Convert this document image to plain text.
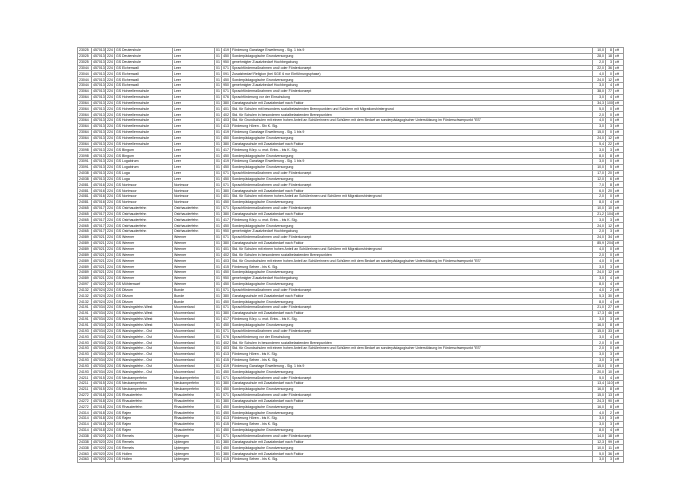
23025	457013	224	GS Deutershule	Leer	01	419	Förderung Ganztage Erweiterung - Sig. 1 bis 9	10,0	8	cH
23025	457013	224	GS Deutershule	Leer	01	450	Sonderpädagogische Grundversorgung	28,0	18	cH
23025	457013	224	GS Deutershule	Leer	01	950	genehmigter Zusatzbedarf Hochbegabung	2,0	3	cH
23044	457013	224	GS Eichenwall	Leer	01	071	Sprachfördermaßnahmen und/ oder Förderkonzept	22,0	36	cH
23044	457013	224	GS Eichenwall	Leer	01	091	Zusatzbedarf Religion (bei SGE 6 nur Einführungsphase)	4,0	0	cH
23044	457013	224	GS Eichenwall	Leer	01	450	Sonderpädagogische Grundversorgung	24,0	12	cH
23044	457013	224	GS Eichenwall	Leer	01	950	genehmigter Zusatzbedarf Hochbegabung	3,0	4	cH
23064	457013	224	GS Hoheellernschule	Leer	01	071	Sprachfördermaßnahmen und/ oder Förderkonzept	38,0	77	cH
23064	457013	224	GS Hoheellernschule	Leer	01	076	Sprachförderung vor der Einschulung	3,0	4	cH
23064	457013	224	GS Hoheellernschule	Leer	01	380	Ganztagsschule mit Zusatzbedarf nach Faktor	34,3	100	cH
23064	457013	224	GS Hoheellernschule	Leer	01	401	Std. für Schulen mit besonders sozialbelastenden Brennpunkten und Schülern mit Migrationshintergrund	5,0	0	cH
23064	457013	224	GS Hoheellernschule	Leer	01	402	Std. für Schulen in besonderen sozialbelastenden Brennpunkten	2,0	0	cH
23064	457013	224	GS Hoheellernschule	Leer	01	403	Std. für Grundschulen mit einem hohen Anteil an Schülerinnen und Schülern mit dem Bedarf an sonderpädagogischer Unterstützung im Förderschwerpunkt "ES"	4,0	0	cH
23064	457013	224	GS Hoheellernschule	Leer	01	413	Förderung Hören - Stv K. Sig.	3,0	3	cH
23064	457013	224	GS Hoheellernschule	Leer	01	419	Förderung Ganztage Erweiterung - Sig. 1 bis 9	15,0	0	cH
23064	457013	224	GS Hoheellernschule	Leer	01	450	Sonderpädagogische Grundversorgung	24,0	12	cH
23064	457013	224	GS Hoheellernschule	Leer	01	380	Ganztagsschule mit Zusatzbedarf nach Faktor	5,4	22	cH
23098	457013	224	GS Bingum	Leer	01	417	Förderung Körp. u. mot. Entw. - bis K. Sig.	3,0	3	cH
23098	457013	224	GS Bingum	Leer	01	450	Sonderpädagogische Grundversorgung	8,0	8	cH
23091	457013	224	GS Logabirum	Leer	01	419	Förderung Ganztage Erweiterung - Sig. 1 bis 9	3,0	0	cH
23091	457013	224	GS Logabirum	Leer	01	450	Sonderpädagogische Grundversorgung	10,0	5	cH
24038	457013	224	GS Loga	Leer	01	071	Sprachfördermaßnahmen und/ oder Förderkonzept	17,0	20	cH
24038	457013	224	GS Loga	Leer	01	450	Sonderpädagogische Grundversorgung	12,0	6	cH
24081	457016	224	GS Nortmoor	Nortmoor	01	071	Sprachfördermaßnahmen und/ oder Förderkonzept	7,0	8	cH
24081	457016	224	GS Nortmoor	Nortmoor	01	380	Ganztagsschule mit Zusatzbedarf nach Faktor	6,0	20	cH
24081	457016	224	GS Nortmoor	Nortmoor	01	401	Std. für Schulen mit einem hohen Anteil an Schülerinnen und Schülern mit Migrationshintergrund	2,0	0	cH
24081	457016	224	GS Nortmoor	Nortmoor	01	450	Sonderpädagogische Grundversorgung	8,0	4	cH
24065	457017	224	GS Ostrhauderfehn	Ostrhauderfehn	01	071	Sprachfördermaßnahmen und/ oder Förderkonzept	10,0	10	cH
24065	457017	224	GS Ostrhauderfehn	Ostrhauderfehn	01	380	Ganztagsschule mit Zusatzbedarf nach Faktor	21,2	104	cH
24065	457017	224	GS Ostrhauderfehn	Ostrhauderfehn	01	417	Förderung Körp. u. mot. Entw. - bis K. Sig.	3,0	3	cH
24065	457017	224	GS Ostrhauderfehn	Ostrhauderfehn	01	450	Sonderpädagogische Grundversorgung	24,0	12	cH
24065	457017	224	GS Ostrhauderfehn	Ostrhauderfehn	01	950	genehmigter Zusatzbedarf Hochbegabung	2,0	3	cH
24089	457021	224	GS Weener	Weener	01	071	Sprachfördermaßnahmen und/ oder Förderkonzept	24,0	34	cH
24089	457021	224	GS Weener	Weener	01	380	Ganztagsschule mit Zusatzbedarf nach Faktor	85,9	204	cH
24089	457021	224	GS Weener	Weener	01	401	Std. für Schulen mit einem hohen Anteil an Schülerinnen und Schülern mit Migrationshintergrund	4,0	0	cH
24089	457021	224	GS Weener	Weener	01	402	Std. für Schulen in besonderen sozialbelastenden Brennpunkten	2,0	0	cH
24089	457021	224	GS Weener	Weener	01	403	Std. für Grundschulen mit einem hohen Anteil an Schülerinnen und Schülern mit dem Bedarf an sonderpädagogischer Unterstützung im Förderschwerpunkt "ES"	4,0	0	cH
24089	457021	224	GS Weener	Weener	01	415	Förderung Sehen - bis K. Sig.	3,0	3	cH
24089	457021	224	GS Weener	Weener	01	450	Sonderpädagogische Grundversorgung	24,0	12	cH
24089	457021	224	GS Weener	Weener	01	950	genehmigter Zusatzbedarf Hochbegabung	3,0	4	cH
24097	457022	224	GS Möhlenwarf	Weener	01	450	Sonderpädagogische Grundversorgung	8,0	4	cH
24132	457024	224	GS Ditzum	Bunde	01	071	Sprachfördermaßnahmen und/ oder Förderkonzept	4,0	2	cH
24132	457024	224	GS Ditzum	Bunde	01	380	Ganztagsschule mit Zusatzbedarf nach Faktor	5,3	30	cH
24132	457024	224	GS Ditzum	Bunde	01	450	Sonderpädagogische Grundversorgung	8,0	4	cH
24191	457034	224	GS Warsingsfehn-West	Moormerland	01	071	Sprachfördermaßnahmen und/ oder Förderkonzept	21,0	27	cH
24191	457034	224	GS Warsingsfehn-West	Moormerland	01	380	Ganztagsschule mit Zusatzbedarf nach Faktor	17,3	46	cH
24191	457034	224	GS Warsingsfehn-West	Moormerland	01	417	Förderung Körp. u. mot. Entw. - bis K. Sig.	3,0	3	cH
24191	457034	224	GS Warsingsfehn-West	Moormerland	01	450	Sonderpädagogische Grundversorgung	16,0	8	cH
24193	457034	224	GS Warsingsfehn - Ost	Moormerland	01	071	Sprachfördermaßnahmen und/ oder Förderkonzept	15,0	33	cH
24193	457034	224	GS Warsingsfehn - Ost	Moormerland	01	076	Sprachförderung vor der Einschulung	3,0	4	cH
24193	457034	224	GS Warsingsfehn - Ost	Moormerland	01	402	Std. für Schulen in besonderen sozialbelastenden Brennpunkten	2,0	0	cH
24193	457034	224	GS Warsingsfehn - Ost	Moormerland	01	403	Std. für Grundschulen mit einem hohen Anteil an Schülerinnen und Schülern mit dem Bedarf an sonderpädagogischer Unterstützung im Förderschwerpunkt "ES"	2,0	0	cH
24193	457034	224	GS Warsingsfehn - Ost	Moormerland	01	413	Förderung Hören - bis K. Sig.	3,0	3	cH
24193	457034	224	GS Warsingsfehn - Ost	Moormerland	01	415	Förderung Sehen - bis K. Sig.	3,0	3	cH
24193	457034	224	GS Warsingsfehn - Ost	Moormerland	01	419	Förderung Ganztage Erweiterung - Sig. 1 bis 9	15,0	0	cH
24193	457034	224	GS Warsingsfehn - Ost	Moormerland	01	450	Sonderpädagogische Grundversorgung	20,0	10	cH
24211	457015	224	GS Neukamperfehn	Neukamperfehn	01	071	Sprachfördermaßnahmen und/ oder Förderkonzept	5,0	4	cH
24211	457015	224	GS Neukamperfehn	Neukamperfehn	01	380	Ganztagsschule mit Zusatzbedarf nach Faktor	13,4	110	cH
24211	457015	224	GS Neukamperfehn	Neukamperfehn	01	450	Sonderpädagogische Grundversorgung	16,0	8	cH
24272	457018	224	GS Rhauderfehn	Rhauderfehn	01	071	Sprachfördermaßnahmen und/ oder Förderkonzept	15,0	13	cH
24272	457018	224	GS Rhauderfehn	Rhauderfehn	01	380	Ganztagsschule mit Zusatzbedarf nach Faktor	24,3	90	cH
24272	457018	224	GS Rhauderfehn	Rhauderfehn	01	450	Sonderpädagogische Grundversorgung	16,0	8	cH
24314	457018	224	GS Rajen	Rhauderfehn	01	450	Sonderpädagogische Grundversorgung	4,0	2	cH
24314	457018	224	GS Rajen	Rhauderfehn	01	413	Förderung Hören - bis K. Sig.	3,0	3	cH
24314	457018	224	GS Rajen	Rhauderfehn	01	415	Förderung Sehen - bis K. Sig.	3,0	3	cH
24314	457018	224	GS Rajen	Rhauderfehn	01	450	Sonderpädagogische Grundversorgung	8,0	4	cH
24338	457020	224	GS Remels	Uplengen	01	071	Sprachfördermaßnahmen und/ oder Förderkonzept	14,0	18	cH
24338	457020	224	GS Remels	Uplengen	01	380	Ganztagsschule mit Zusatzbedarf nach Faktor	12,3	99	cH
24338	457020	224	GS Remels	Uplengen	01	450	Sonderpädagogische Grundversorgung	10,0	11	cH
24363	457020	224	GS Hollen	Uplengen	01	380	Ganztagsschule mit Zusatzbedarf nach Faktor	5,0	36	cH
24363	457020	224	GS Hollen	Uplengen	01	415	Förderung Sehen - bis K. Sig.	3,0	3	cH
